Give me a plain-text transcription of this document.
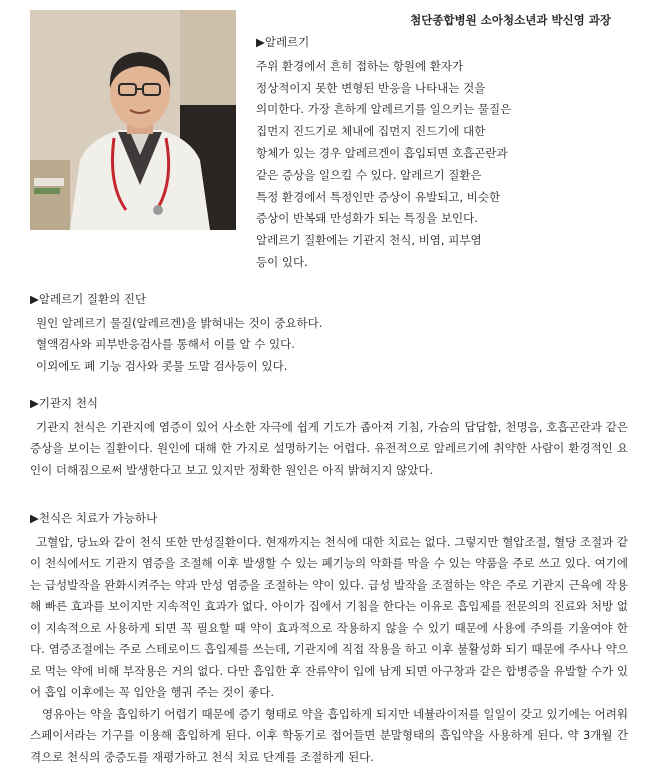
첨단종합병원 소아청소년과 박신영 과장

▶알레르기

주위 환경에서 흔히 접하는 항원에 환자가

정상적이지 못한 변형된 반응을 나타내는 것을

의미한다. 가장 흔하게 알레르기를 일으키는 물질은

집먼지 진드기로 체내에 집먼지 진드기에 대한

항체가 있는 경우 알레르겐이 흡입되면 호흡곤란과

같은 증상을 일으킬 수 있다. 알레르기 질환은

특정 환경에서 특정인만 증상이 유발되고, 비슷한

증상이 반복돼 만성화가 되는 특징을 보인다.

알레르기 질환에는 기관지 천식, 비염, 피부염

등이 있다.

▶알레르기 질환의 진단

원인 알레르기 물질(알레르겐)을 밝혀내는 것이 중요하다.

혈액검사와 피부반응검사를 통해서 이를 알 수 있다.

이외에도 폐 기능 검사와 콧물 도말 검사등이 있다.

▶기관지 천식

기관지 천식은 기관지에 염증이 있어 사소한 자극에 쉽게 기도가 좁아져 기침, 가슴의 답답함, 천명음, 호흡곤란과 같은 증상을 보이는 질환이다. 원인에 대해 한 가지로 설명하기는 어렵다. 유전적으로 알레르기에 취약한 사람이 환경적인 요인이 더해짐으로써 발생한다고 보고 있지만 정확한 원인은 아직 밝혀지지 않았다.

▶천식은 치료가 가능하나

고혈압, 당뇨와 같이 천식 또한 만성질환이다. 현재까지는 천식에 대한 치료는 없다. 그렇지만 혈압조절, 혈당 조절과 같이 천식에서도 기관지 염증을 조절해 이후 발생할 수 있는 폐기능의 악화를 막을 수 있는 약품을 주로 쓰고 있다. 여기에는 급성발작을 완화시켜주는 약과 만성 염증을 조절하는 약이 있다. 급성 발작을 조절하는 약은 주로 기관지 근육에 작용해 빠른 효과를 보이지만 지속적인 효과가 없다. 아이가 집에서 기침을 한다는 이유로 흡입제를 전문의의 진료와 처방 없이 지속적으로 사용하게 되면 꼭 필요할 때 약이 효과적으로 작용하지 않을 수 있기 때문에 사용에 주의를 기울여야 한다. 염증조절에는 주로 스테로이드 흡입제를 쓰는데, 기관지에 직접 작용을 하고 이후 불활성화 되기 때문에 주사나 약으로 먹는 약에 비해 부작용은 거의 없다. 다만 흡입한 후 잔류약이 입에 남게 되면 아구창과 같은 합병증을 유발할 수가 있어 흡입 이후에는 꼭 입안을 헹궈 주는 것이 좋다.

영유아는 약을 흡입하기 어렵기 때문에 증기 형태로 약을 흡입하게 되지만 네뷸라이저를 일일이 갖고 있기에는 어려워 스페이서라는 기구를 이용해 흡입하게 된다. 이후 학동기로 접어들면 분말형태의 흡입약을 사용하게 된다. 약 3개월 간격으로 천식의 중증도를 재평가하고 천식 치료 단계를 조절하게 된다.
